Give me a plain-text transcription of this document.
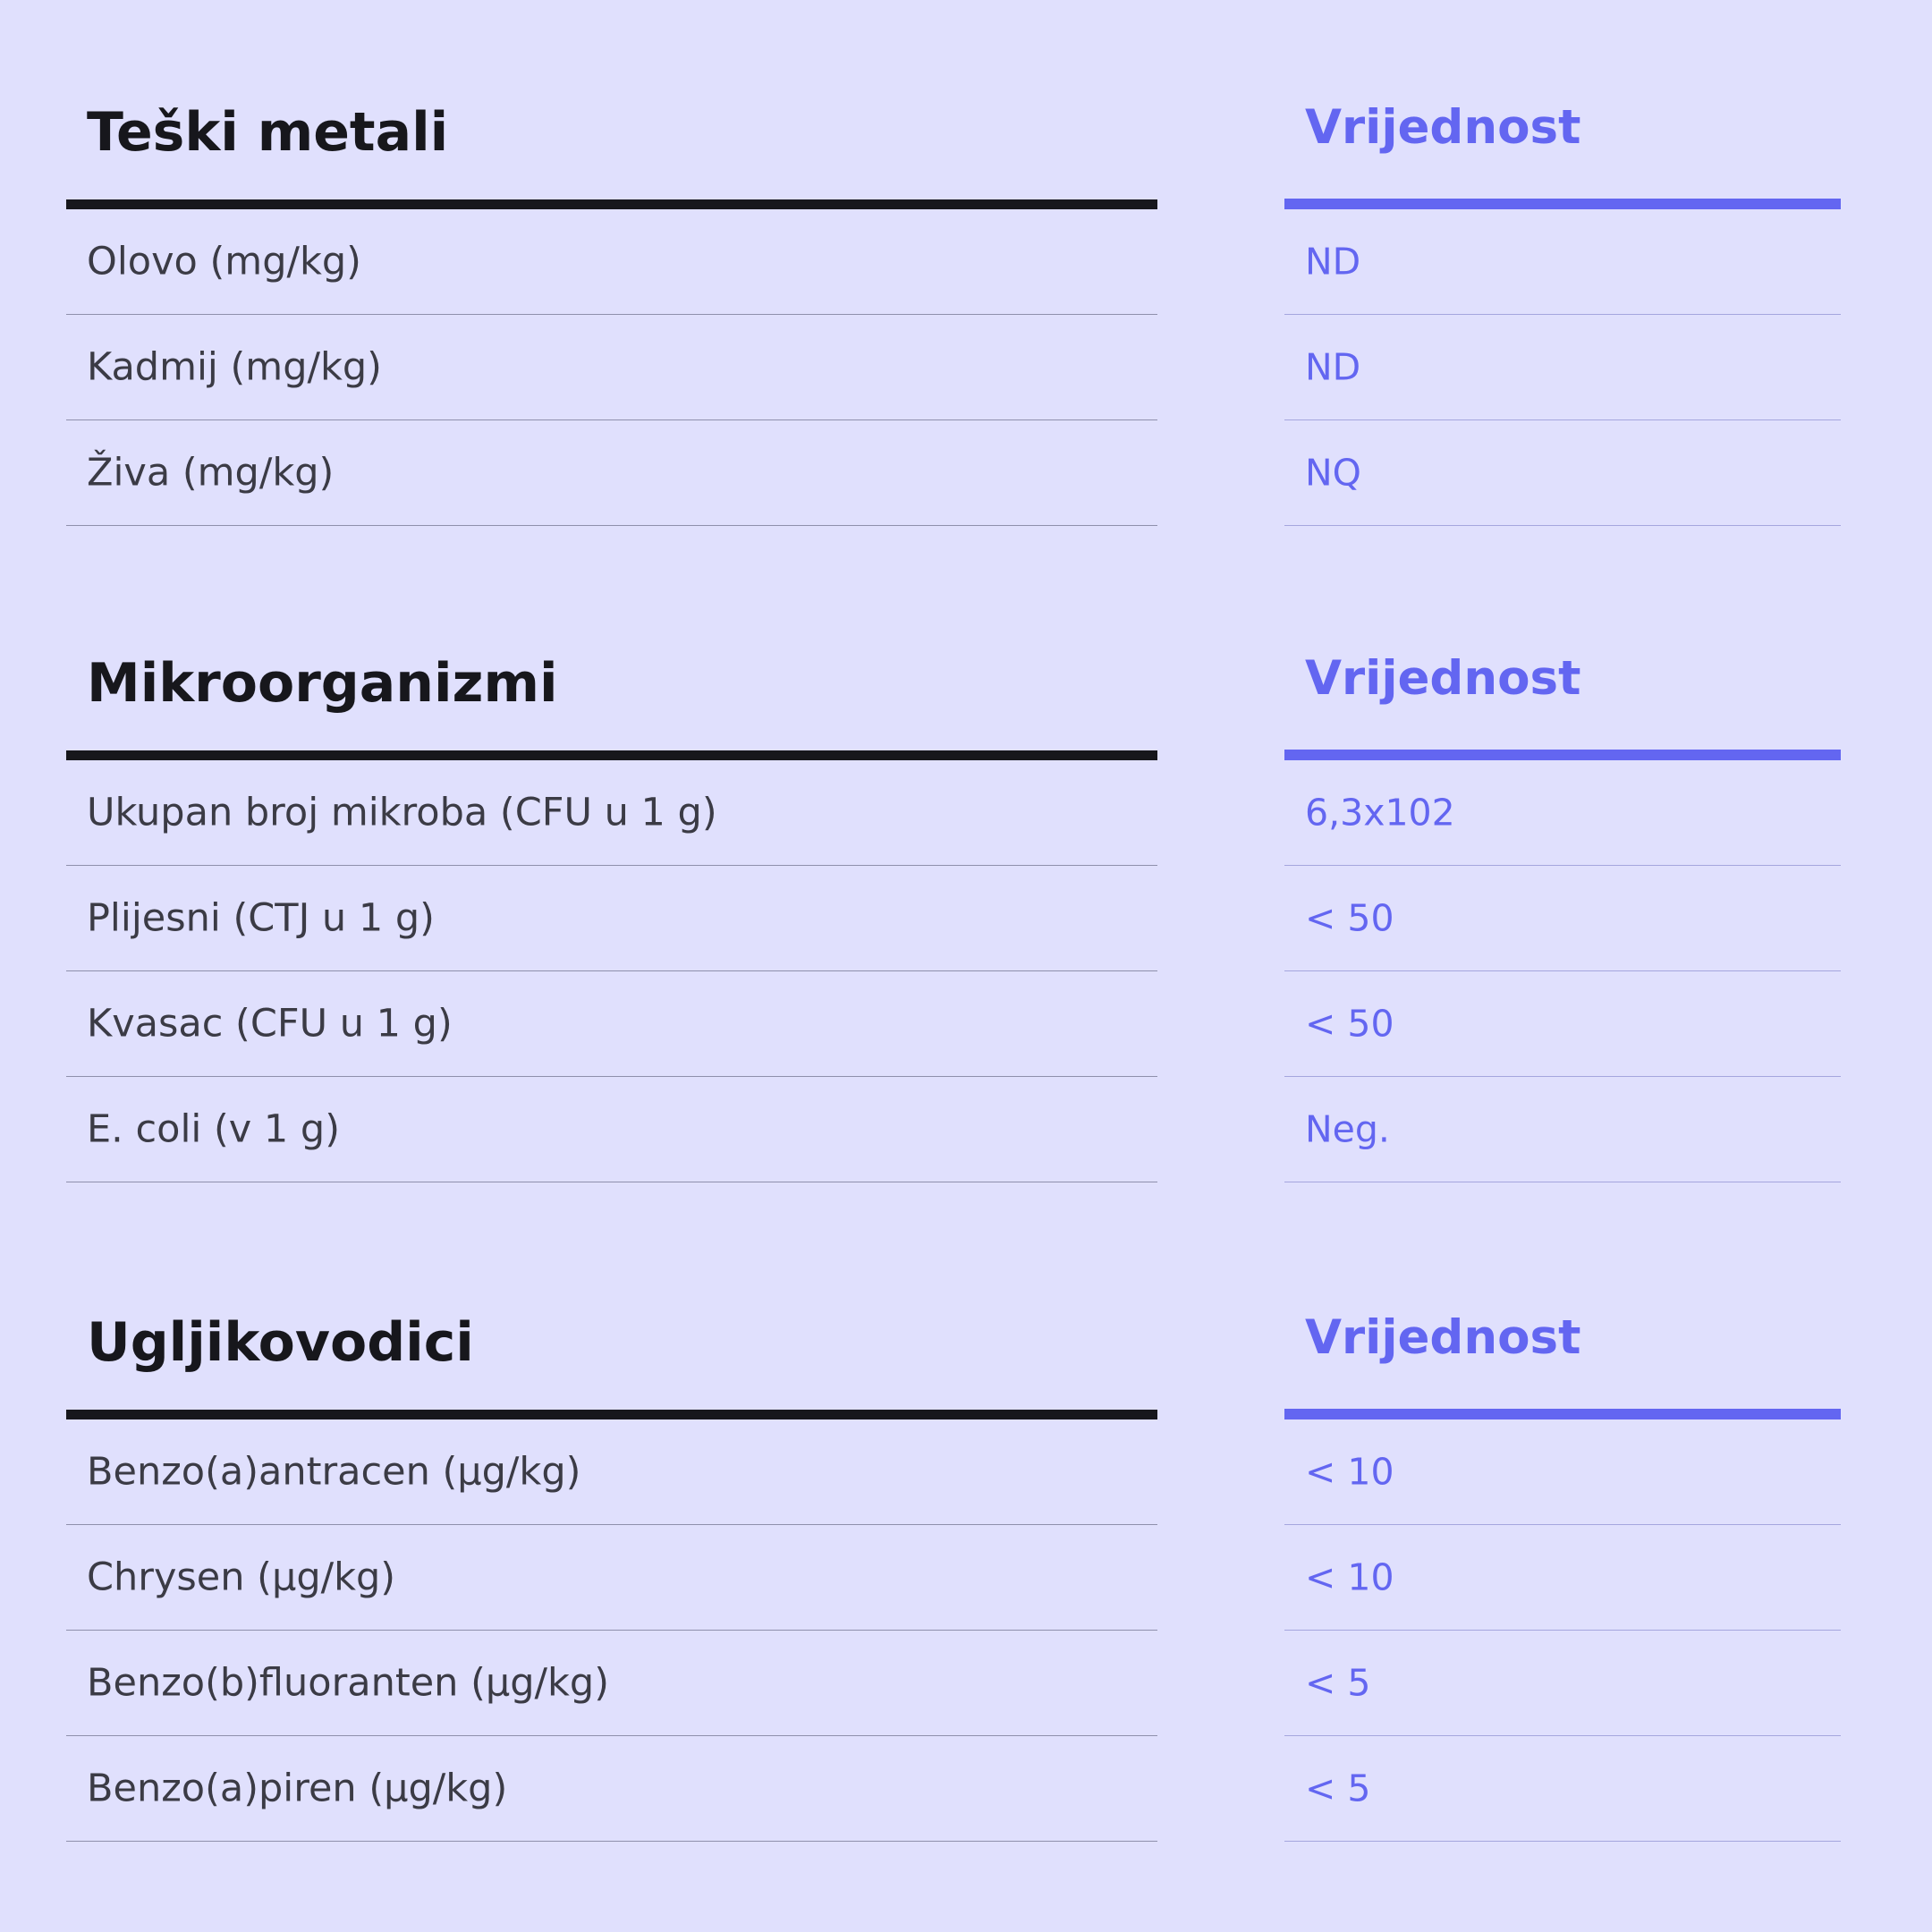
Teški metali
Olovo (mg/kg)
Kadmij (mg/kg)
Živa (mg/kg)
Vrijednost
ND
ND
NQ
Mikroorganizmi
Ukupan broj mikroba (CFU u 1 g)
Plijesni (CTJ u 1 g)
Kvasac (CFU u 1 g)
E. coli (v 1 g)
Vrijednost
6,3x102
< 50
< 50
Neg.
Ugljikovodici
Benzo(a)antracen (µg/kg)
Chrysen (µg/kg)
Benzo(b)fluoranten (µg/kg)
Benzo(a)piren (µg/kg)
Vrijednost
< 10
< 10
< 5
< 5
